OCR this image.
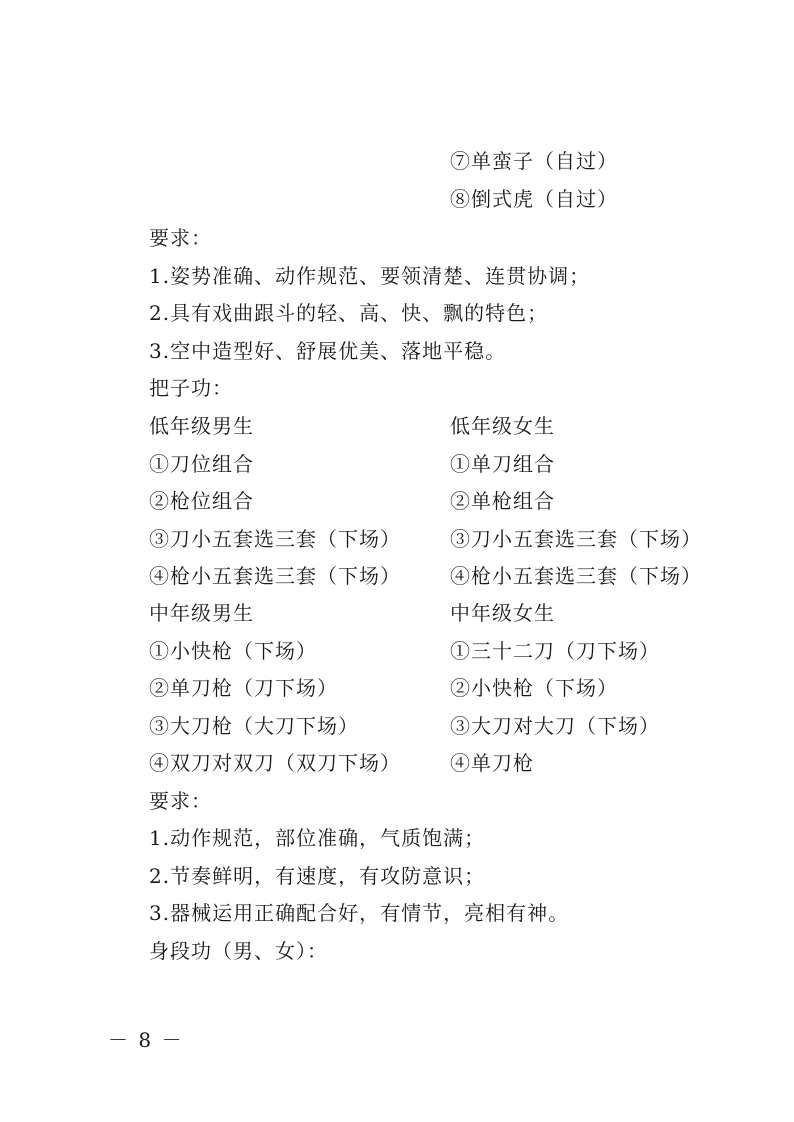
⑦单蛮子（自过）
⑧倒式虎（自过）
要求：
1.姿势准确、动作规范、要领清楚、连贯协调；
2.具有戏曲跟斗的轻、高、快、飘的特色；
3.空中造型好、舒展优美、落地平稳。
把子功：
低年级男生	低年级女生
①刀位组合	①单刀组合
②枪位组合	②单枪组合
③刀小五套选三套（下场） ③刀小五套选三套（下场）
④枪小五套选三套（下场） ④枪小五套选三套（下场）
中年级男生	中年级女生
①小快枪（下场）	①三十二刀（刀下场）
②单刀枪（刀下场）	②小快枪（下场）
③大刀枪（大刀下场）	③大刀对大刀（下场）
④双刀对双刀（双刀下场） ④单刀枪
要求：
1.动作规范，部位准确，气质饱满；
2.节奏鲜明，有速度，有攻防意识；
3.器械运用正确配合好，有情节，亮相有神。
身段功（男、女）：
－ 8 －
